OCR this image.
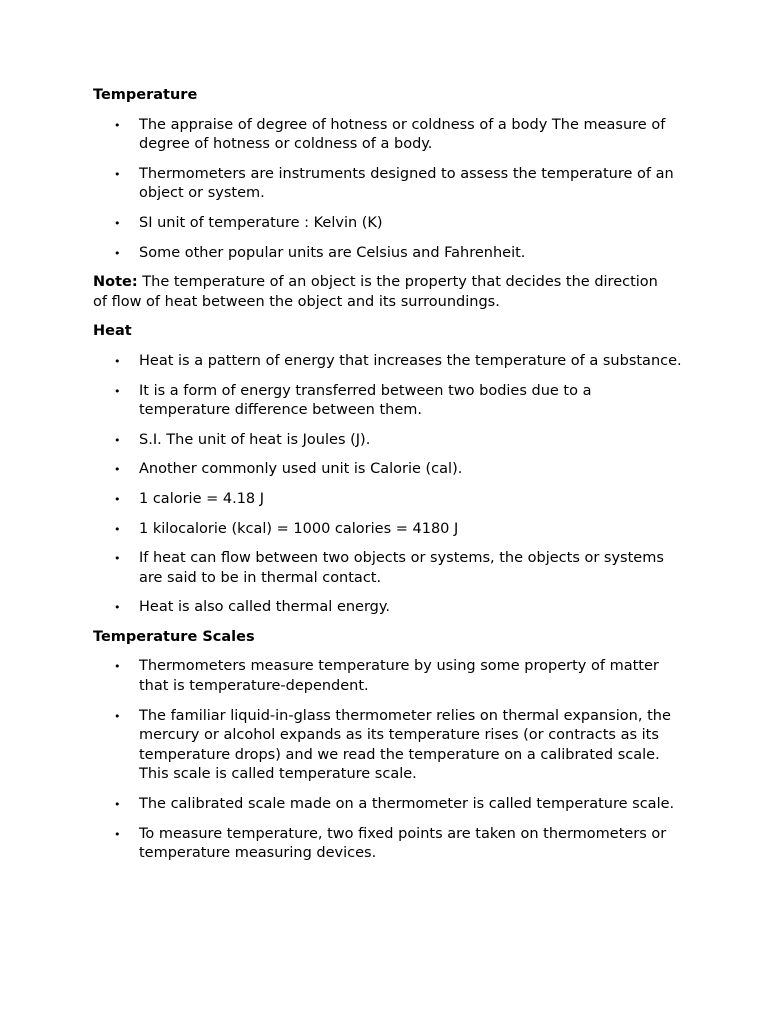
Temperature
• The appraise of degree of hotness or coldness of a body The measure of degree of hotness or coldness of a body.
• Thermometers are instruments designed to assess the temperature of an object or system.
• SI unit of temperature : Kelvin (K)
• Some other popular units are Celsius and Fahrenheit.

Note: The temperature of an object is the property that decides the direction of flow of heat between the object and its surroundings.

Heat
• Heat is a pattern of energy that increases the temperature of a substance.
• It is a form of energy transferred between two bodies due to a temperature difference between them.
• S.I. The unit of heat is Joules (J).
• Another commonly used unit is Calorie (cal).
• 1 calorie = 4.18 J
• 1 kilocalorie (kcal) = 1000 calories = 4180 J
• If heat can flow between two objects or systems, the objects or systems are said to be in thermal contact.
• Heat is also called thermal energy.
Temperature Scales
• Thermometers measure temperature by using some property of matter that is temperature-dependent.
• The familiar liquid-in-glass thermometer relies on thermal expansion, the mercury or alcohol expands as its temperature rises (or contracts as its temperature drops) and we read the temperature on a calibrated scale. This scale is called temperature scale.
• The calibrated scale made on a thermometer is called temperature scale.
• To measure temperature, two fixed points are taken on thermometers or temperature measuring devices.
